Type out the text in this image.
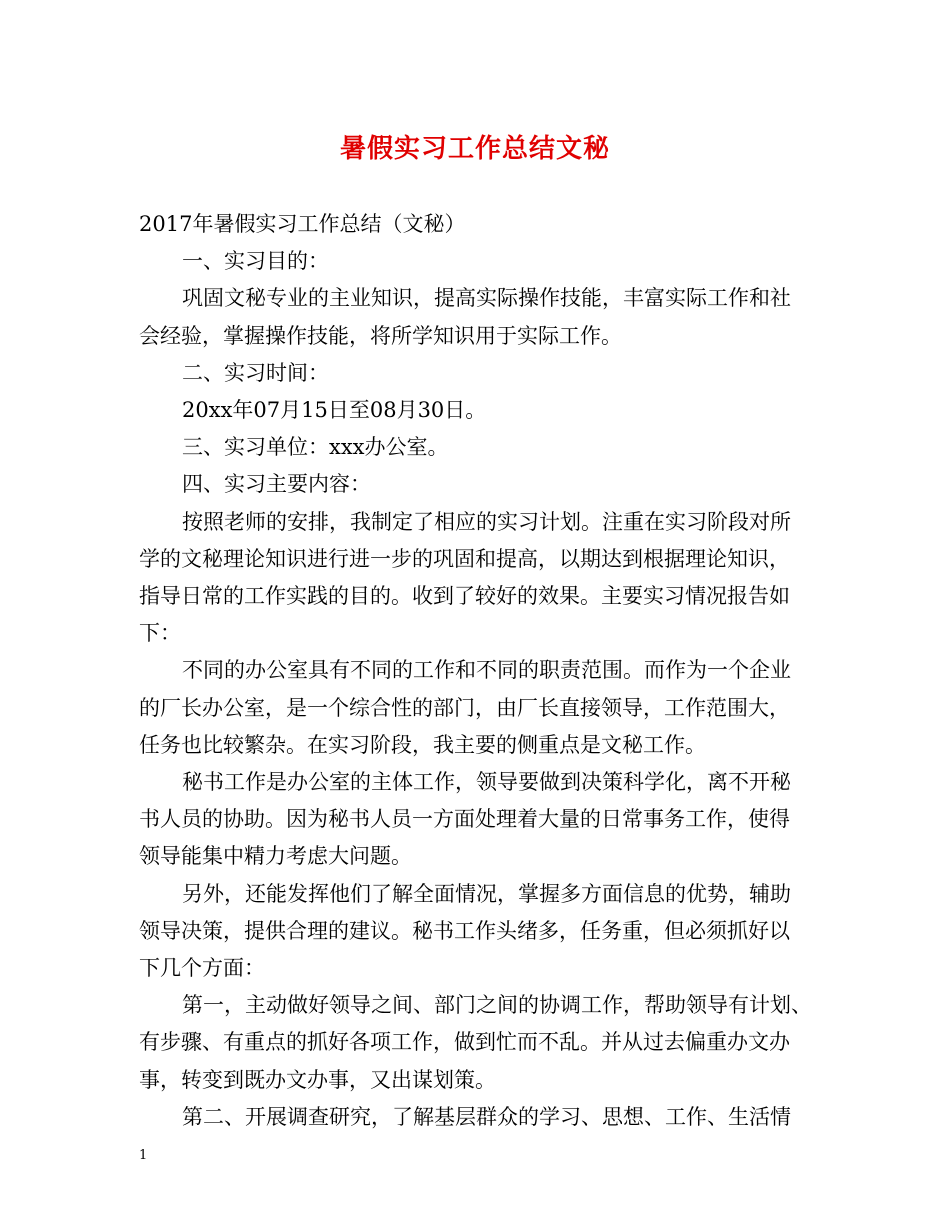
暑假实习工作总结文秘
2017年暑假实习工作总结（文秘）
一、实习目的：
巩固文秘专业的主业知识，提高实际操作技能，丰富实际工作和社
会经验，掌握操作技能，将所学知识用于实际工作。
二、实习时间：
20xx年07月15日至08月30日。
三、实习单位：xxx办公室。
四、实习主要内容：
按照老师的安排，我制定了相应的实习计划。注重在实习阶段对所
学的文秘理论知识进行进一步的巩固和提高，以期达到根据理论知识，
指导日常的工作实践的目的。收到了较好的效果。主要实习情况报告如
下：
不同的办公室具有不同的工作和不同的职责范围。而作为一个企业
的厂长办公室，是一个综合性的部门，由厂长直接领导，工作范围大，
任务也比较繁杂。在实习阶段，我主要的侧重点是文秘工作。
秘书工作是办公室的主体工作，领导要做到决策科学化，离不开秘
书人员的协助。因为秘书人员一方面处理着大量的日常事务工作，使得
领导能集中精力考虑大问题。
另外，还能发挥他们了解全面情况，掌握多方面信息的优势，辅助
领导决策，提供合理的建议。秘书工作头绪多，任务重，但必须抓好以
下几个方面：
第一，主动做好领导之间、部门之间的协调工作，帮助领导有计划、
有步骤、有重点的抓好各项工作，做到忙而不乱。并从过去偏重办文办
事，转变到既办文办事，又出谋划策。
第二、开展调查研究，了解基层群众的学习、思想、工作、生活情
1
